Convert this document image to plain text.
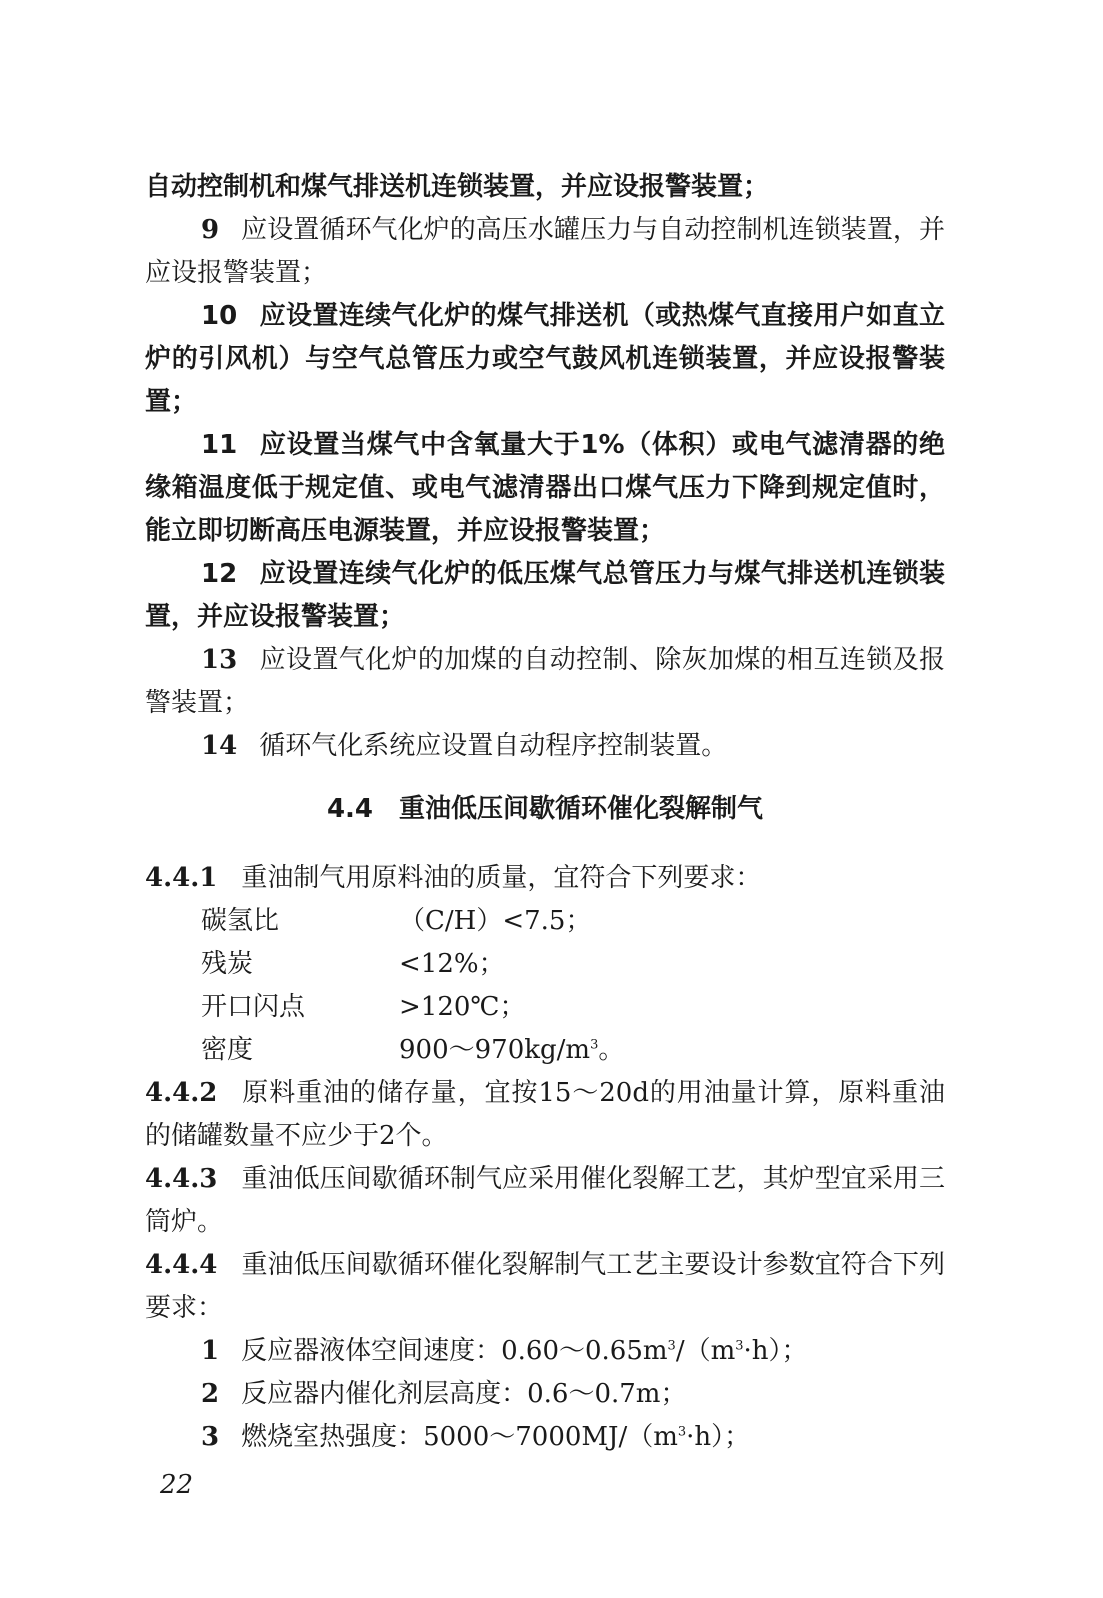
自动控制机和煤气排送机连锁装置，并应设报警装置；

9 应设置循环气化炉的高压水罐压力与自动控制机连锁装置，并应设报警装置；

10 应设置连续气化炉的煤气排送机（或热煤气直接用户如直立炉的引风机）与空气总管压力或空气鼓风机连锁装置，并应设报警装置；

11 应设置当煤气中含氧量大于1%（体积）或电气滤清器的绝缘箱温度低于规定值、或电气滤清器出口煤气压力下降到规定值时，能立即切断高压电源装置，并应设报警装置；

12 应设置连续气化炉的低压煤气总管压力与煤气排送机连锁装置，并应设报警装置；

13 应设置气化炉的加煤的自动控制、除灰加煤的相互连锁及报警装置；

14 循环气化系统应设置自动程序控制装置。

4.4　重油低压间歇循环催化裂解制气

4.4.1 重油制气用原料油的质量，宜符合下列要求：

碳氢比	（C/H）<7.5；
残炭	<12%；
开口闪点	>120℃；
密度	$900\sim 970kg/m^3$。

4.4.2 原料重油的储存量，宜按15～20d的用油量计算，原料重油的储罐数量不应少于2个。

4.4.3 重油低压间歇循环制气应采用催化裂解工艺，其炉型宜采用三筒炉。

4.4.4 重油低压间歇循环催化裂解制气工艺主要设计参数宜符合下列要求：

1 反应器液体空间速度：$0.60\sim 0.65m^3/(m^3\cdot h)$；

2 反应器内催化剂层高度：0.6～0.7m；

3 燃烧室热强度：$5000\sim 7000MJ/(m^3\cdot h)$；

22
